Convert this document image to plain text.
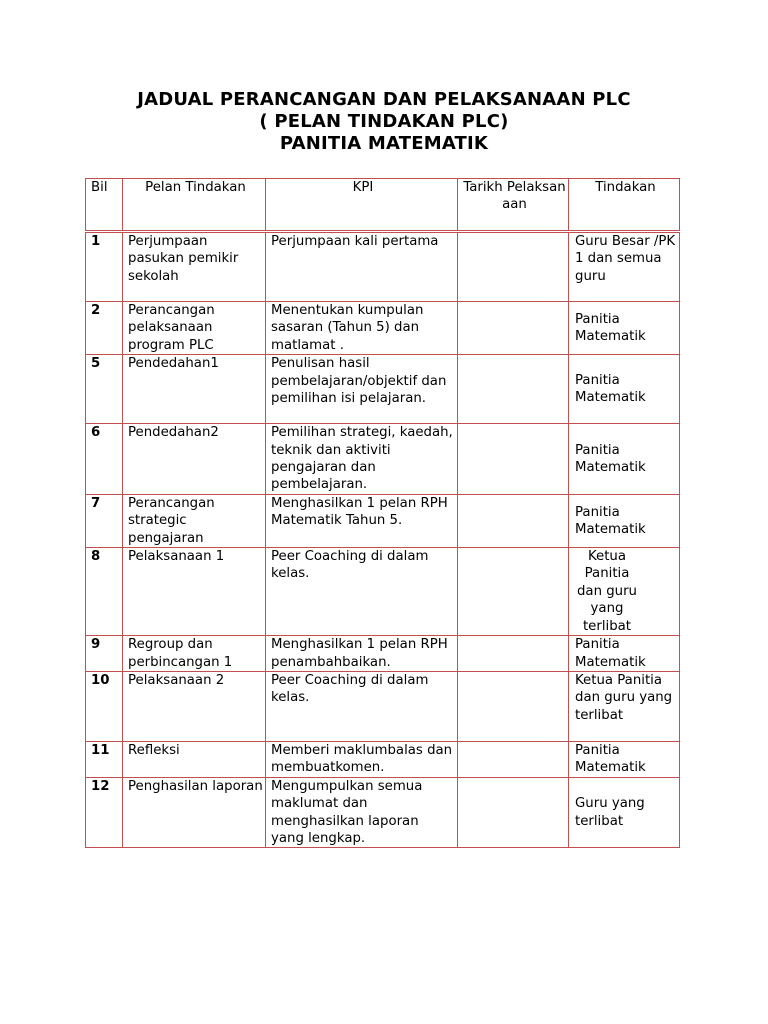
JADUAL PERANCANGAN DAN PELAKSANAAN PLC
( PELAN TINDAKAN PLC)
PANITIA MATEMATIK
Bil	Pelan Tindakan	KPI	Tarikh Pelaksanaan	Tindakan
1	Perjumpaan pasukan pemikir sekolah	Perjumpaan kali pertama		Guru Besar /PK 1 dan semua guru
2	Perancangan pelaksanaan program PLC	Menentukan kumpulan sasaran (Tahun 5) dan matlamat .		Panitia Matematik
5	Pendedahan1	Penulisan hasil pembelajaran/objektif dan pemilihan isi pelajaran.		Panitia Matematik
6	Pendedahan2	Pemilihan strategi, kaedah, teknik dan aktiviti pengajaran dan pembelajaran.		Panitia Matematik
7	Perancangan strategic pengajaran	Menghasilkan 1 pelan RPH Matematik Tahun 5.		Panitia Matematik
8	Pelaksanaan 1	Peer Coaching di dalam kelas.		Ketua Panitia dan guru yang terlibat
9	Regroup dan perbincangan 1	Menghasilkan 1 pelan RPH penambahbaikan.		Panitia Matematik
10	Pelaksanaan 2	Peer Coaching di dalam kelas.		Ketua Panitia dan guru yang terlibat
11	Refleksi	Memberi maklumbalas dan membuatkomen.		Panitia Matematik
12	Penghasilan laporan	Mengumpulkan semua maklumat dan menghasilkan laporan yang lengkap.		Guru yang terlibat
